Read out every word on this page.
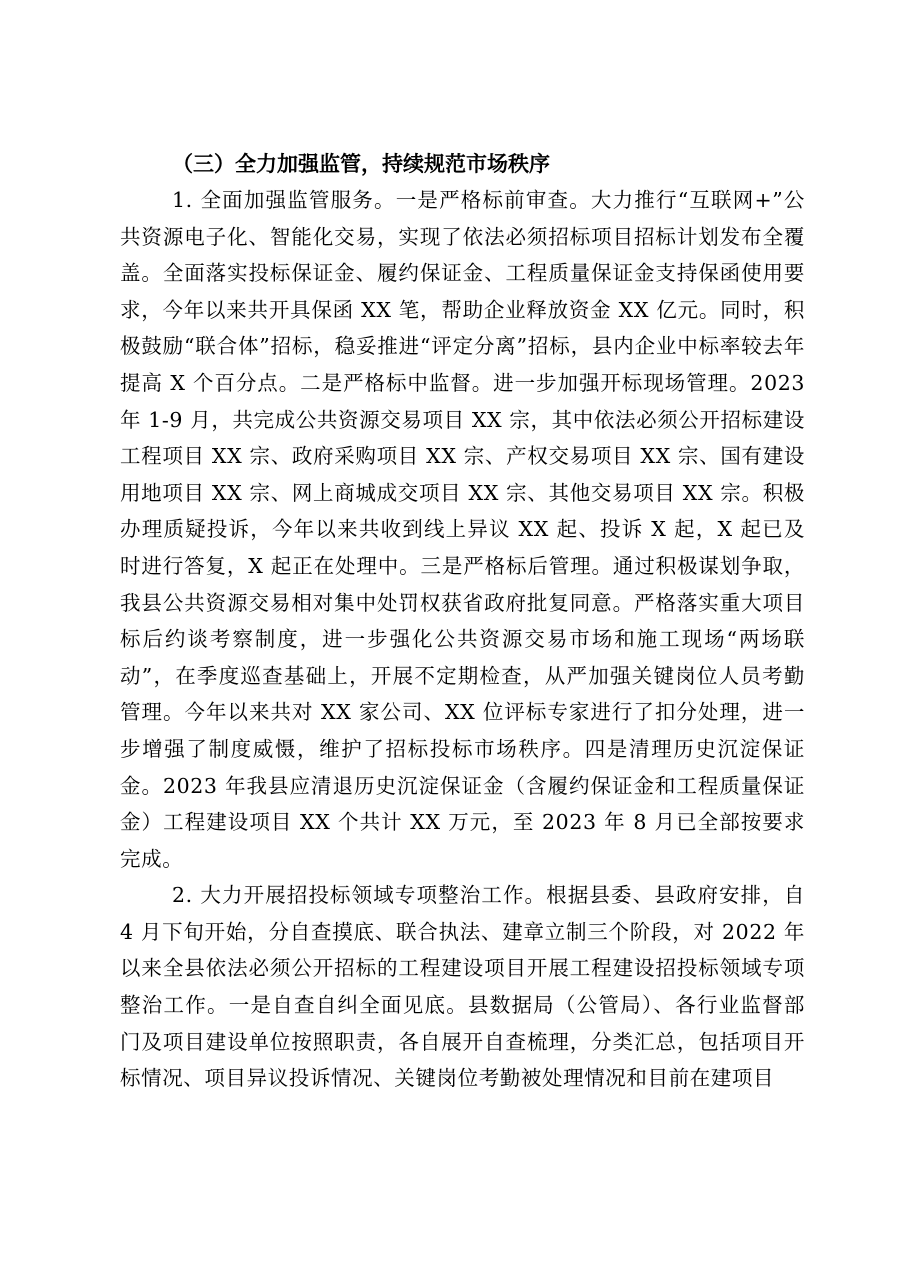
（三）全力加强监管，持续规范市场秩序

1. 全面加强监管服务。一是严格标前审查。大力推行“互联网+”公共资源电子化、智能化交易，实现了依法必须招标项目招标计划发布全覆盖。全面落实投标保证金、履约保证金、工程质量保证金支持保函使用要求，今年以来共开具保函 XX 笔，帮助企业释放资金 XX 亿元。同时，积极鼓励“联合体”招标，稳妥推进“评定分离”招标，县内企业中标率较去年提高 X 个百分点。二是严格标中监督。进一步加强开标现场管理。2023 年 1-9 月，共完成公共资源交易项目 XX 宗，其中依法必须公开招标建设工程项目 XX 宗、政府采购项目 XX 宗、产权交易项目 XX 宗、国有建设用地项目 XX 宗、网上商城成交项目 XX 宗、其他交易项目 XX 宗。积极办理质疑投诉，今年以来共收到线上异议 XX 起、投诉 X 起，X 起已及时进行答复，X 起正在处理中。三是严格标后管理。通过积极谋划争取，我县公共资源交易相对集中处罚权获省政府批复同意。严格落实重大项目标后约谈考察制度，进一步强化公共资源交易市场和施工现场“两场联动”，在季度巡查基础上，开展不定期检查，从严加强关键岗位人员考勤管理。今年以来共对 XX 家公司、XX 位评标专家进行了扣分处理，进一步增强了制度威慑，维护了招标投标市场秩序。四是清理历史沉淀保证金。2023 年我县应清退历史沉淀保证金（含履约保证金和工程质量保证金）工程建设项目 XX 个共计 XX 万元，至 2023 年 8 月已全部按要求完成。

2. 大力开展招投标领域专项整治工作。根据县委、县政府安排，自 4 月下旬开始，分自查摸底、联合执法、建章立制三个阶段，对 2022 年以来全县依法必须公开招标的工程建设项目开展工程建设招投标领域专项整治工作。一是自查自纠全面见底。县数据局（公管局）、各行业监督部门及项目建设单位按照职责，各自展开自查梳理，分类汇总，包括项目开标情况、项目异议投诉情况、关键岗位考勤被处理情况和目前在建项目
